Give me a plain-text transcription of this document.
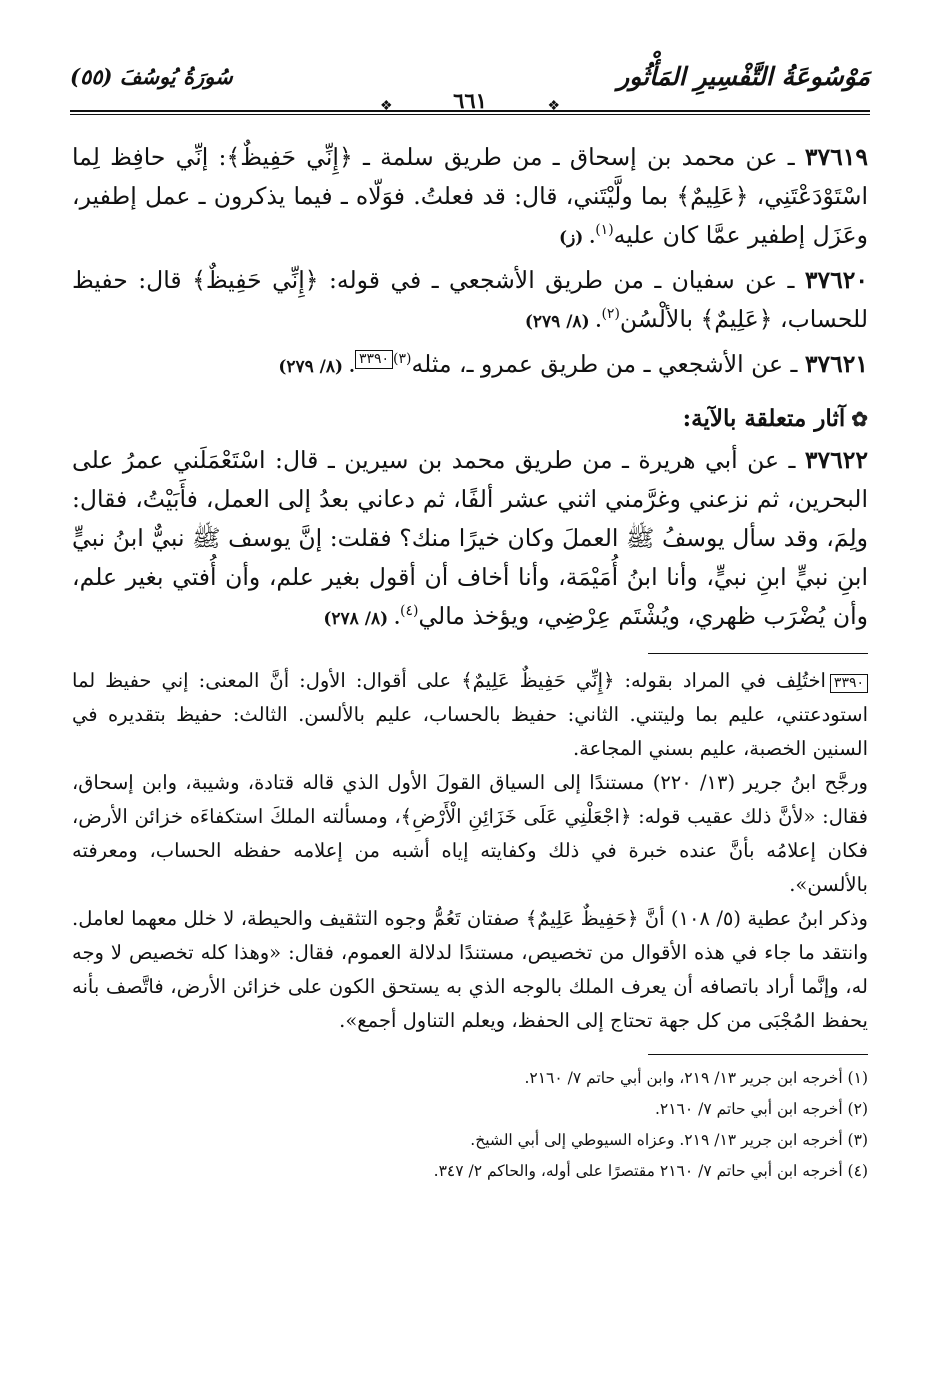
مَوْسُوعَةُ التَّفْسِيرِ المَأْثُور
سُورَةُ يُوسُفَ (٥٥)
٦٦١	❖
❖

٣٧٦١٩ ـ عن محمد بن إسحاق ـ من طريق سلمة ـ ﴿إِنِّي حَفِيظٌ﴾: إنِّي حافِظ لِما اسْتَوْدَعْتَنِي، ﴿عَلِيمٌ﴾ بما ولَّيْتَني، قال: قد فعلتُ. فوَلّاه ـ فيما يذكرون ـ عمل إطفير، وعَزَل إطفير عمَّا كان عليه$^{(١)}$. (ز)

٣٧٦٢٠ ـ عن سفيان ـ من طريق الأشجعي ـ في قوله: ﴿إِنِّي حَفِيظٌ﴾ قال: حفيظ للحساب، ﴿عَلِيمٌ﴾ بالألْسُن$^{(٢)}$. (٨/ ٢٧٩)

٣٧٦٢١ ـ عن الأشجعي ـ من طريق عمرو ـ، مثله$^{(٣)}$٣٣٩٠. (٨/ ٢٧٩)

✿آثار متعلقة بالآية:

٣٧٦٢٢ ـ عن أبي هريرة ـ من طريق محمد بن سيرين ـ قال: اسْتَعْمَلَني عمرُ على البحرين، ثم نزعني وغرَّمني اثني عشر ألفًا، ثم دعاني بعدُ إلى العمل، فأَبَيْتُ، فقال: ولِمَ، وقد سأل يوسفُ ﷺ العملَ وكان خيرًا منك؟ فقلت: إنَّ يوسف ﷺ نبيٌّ ابنُ نبيٍّ ابنِ نبيٍّ ابنِ نبيٍّ، وأنا ابنُ أُمَيْمَة، وأنا أخاف أن أقول بغير علم، وأن أُفتي بغير علم، وأن يُضْرَب ظهري، ويُشْتَم عِرْضِي، ويؤخذ مالي$^{(٤)}$. (٨/ ٢٧٨)

٣٣٩٠اختُلِف في المراد بقوله: ﴿إِنِّي حَفِيظٌ عَلِيمٌ﴾ على أقوال: الأول: أنَّ المعنى: إني حفيظ لما استودعتني، عليم بما وليتني. الثاني: حفيظ بالحساب، عليم بالألسن. الثالث: حفيظ بتقديره في السنين الخصبة، عليم بسني المجاعة.

ورجَّح ابنُ جرير (١٣/ ٢٢٠) مستندًا إلى السياق القولَ الأول الذي قاله قتادة، وشيبة، وابن إسحاق، فقال: «لأنَّ ذلك عقيب قوله: ﴿اجْعَلْنِي عَلَى خَزَائِنِ الْأَرْضِ﴾، ومسألته الملكَ استكفاءَه خزائن الأرض، فكان إعلامُه بأنَّ عنده خبرة في ذلك وكفايته إياه أشبه من إعلامه حفظه الحساب، ومعرفته بالألسن».

وذكر ابنُ عطية (٥/ ١٠٨) أنَّ ﴿حَفِيظٌ عَلِيمٌ﴾ صفتان تَعُمُّ وجوه التثقيف والحيطة، لا خلل معهما لعامل. وانتقد ما جاء في هذه الأقوال من تخصيص، مستندًا لدلالة العموم، فقال: «وهذا كله تخصيص لا وجه له، وإنَّما أراد باتصافه أن يعرف الملك بالوجه الذي به يستحق الكون على خزائن الأرض، فاتَّصف بأنه يحفظ المُجْبَى من كل جهة تحتاج إلى الحفظ، ويعلم التناول أجمع».

(١) أخرجه ابن جرير ١٣/ ٢١٩، وابن أبي حاتم ٧/ ٢١٦٠.
(٢) أخرجه ابن أبي حاتم ٧/ ٢١٦٠.
(٣) أخرجه ابن جرير ١٣/ ٢١٩. وعزاه السيوطي إلى أبي الشيخ.
(٤) أخرجه ابن أبي حاتم ٧/ ٢١٦٠ مقتصرًا على أوله، والحاكم ٢/ ٣٤٧.
